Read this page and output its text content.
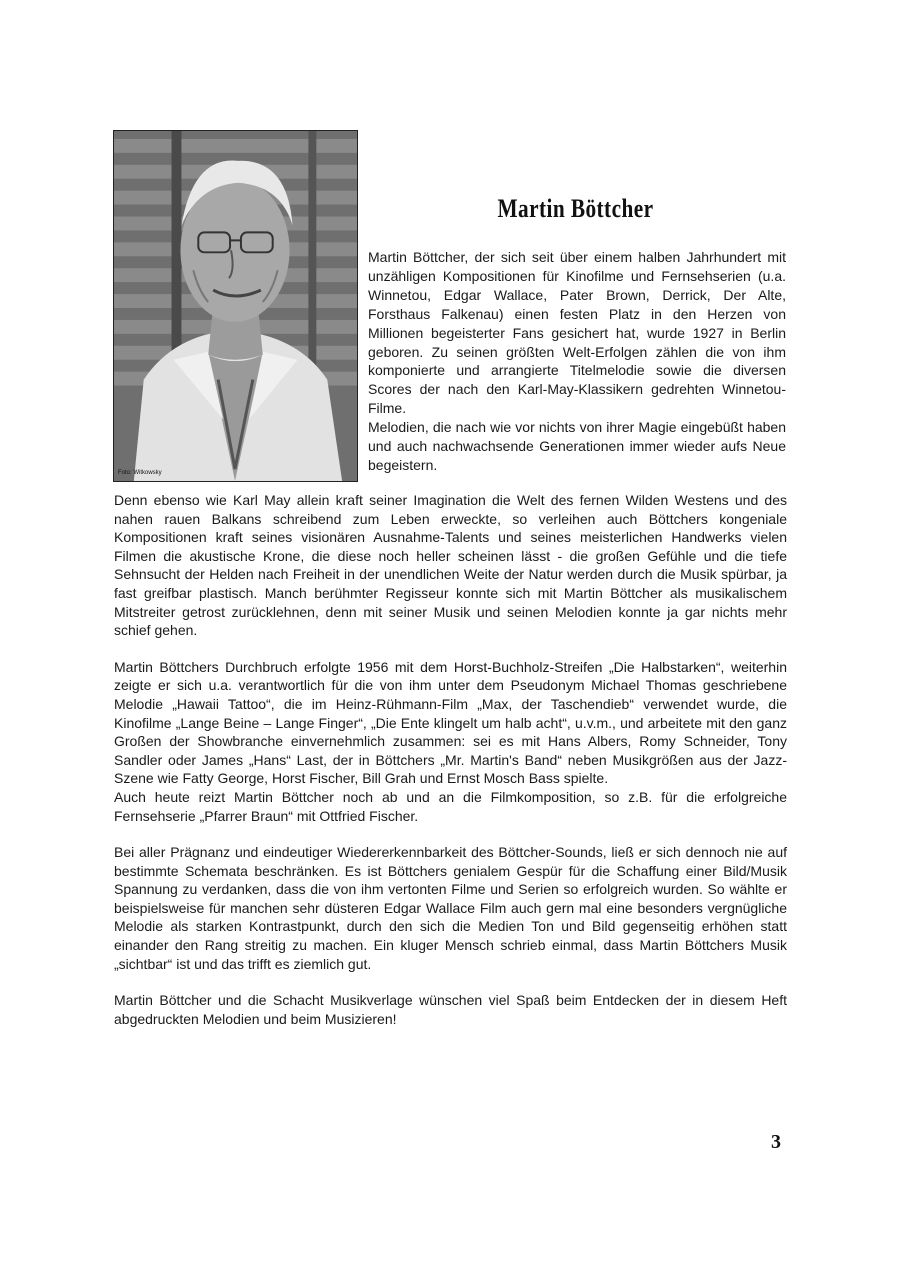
Foto: Witkowsky
Martin Böttcher
Martin Böttcher, der sich seit über einem halben Jahrhundert mit unzähligen Kompositionen für Kinofilme und Fernsehserien (u.a. Winnetou, Edgar Wallace, Pater Brown, Derrick, Der Alte, Forsthaus Falkenau) einen festen Platz in den Herzen von Millionen begeisterter Fans gesichert hat, wurde 1927 in Berlin geboren. Zu seinen größten Welt-Erfolgen zählen die von ihm komponierte und arrangierte Titelmelodie sowie die diversen Scores der nach den Karl-May-Klassikern gedrehten Winnetou-Filme.
Melodien, die nach wie vor nichts von ihrer Magie eingebüßt haben und auch nachwachsende Generationen immer wieder aufs Neue begeistern.

Denn ebenso wie Karl May allein kraft seiner Imagination die Welt des fernen Wilden Westens und des nahen rauen Balkans schreibend zum Leben erweckte, so verleihen auch Böttchers kongeniale Kompositionen kraft seines visionären Ausnahme-Talents und seines meisterlichen Handwerks vielen Filmen die akustische Krone, die diese noch heller scheinen lässt - die großen Gefühle und die tiefe Sehnsucht der Helden nach Freiheit in der unendlichen Weite der Natur werden durch die Musik spürbar, ja fast greifbar plastisch. Manch berühmter Regisseur konnte sich mit Martin Böttcher als musikalischem Mitstreiter getrost zurücklehnen, denn mit seiner Musik und seinen Melodien konnte ja gar nichts mehr schief gehen.

Martin Böttchers Durchbruch erfolgte 1956 mit dem Horst-Buchholz-Streifen „Die Halbstarken“, weiterhin zeigte er sich u.a. verantwortlich für die von ihm unter dem Pseudonym Michael Thomas geschriebene Melodie „Hawaii Tattoo“, die im Heinz-Rühmann-Film „Max, der Taschendieb“ verwendet wurde, die Kinofilme „Lange Beine – Lange Finger“, „Die Ente klingelt um halb acht“, u.v.m., und arbeitete mit den ganz Großen der Showbranche einvernehmlich zusammen: sei es mit Hans Albers, Romy Schneider, Tony Sandler oder James „Hans“ Last, der in Böttchers „Mr. Martin's Band“ neben Musikgrößen aus der Jazz-Szene wie Fatty George, Horst Fischer, Bill Grah und Ernst Mosch Bass spielte.

Auch heute reizt Martin Böttcher noch ab und an die Filmkomposition, so z.B. für die erfolgreiche Fernsehserie „Pfarrer Braun“ mit Ottfried Fischer.

Bei aller Prägnanz und eindeutiger Wiedererkennbarkeit des Böttcher-Sounds, ließ er sich dennoch nie auf bestimmte Schemata beschränken. Es ist Böttchers genialem Gespür für die Schaffung einer Bild/Musik Spannung zu verdanken, dass die von ihm vertonten Filme und Serien so erfolgreich wurden. So wählte er beispielsweise für manchen sehr düsteren Edgar Wallace Film auch gern mal eine besonders vergnügliche Melodie als starken Kontrastpunkt, durch den sich die Medien Ton und Bild gegenseitig erhöhen statt einander den Rang streitig zu machen. Ein kluger Mensch schrieb einmal, dass Martin Böttchers Musik „sichtbar“ ist und das trifft es ziemlich gut.

Martin Böttcher und die Schacht Musikverlage wünschen viel Spaß beim Entdecken der in diesem Heft abgedruckten Melodien und beim Musizieren!

3
